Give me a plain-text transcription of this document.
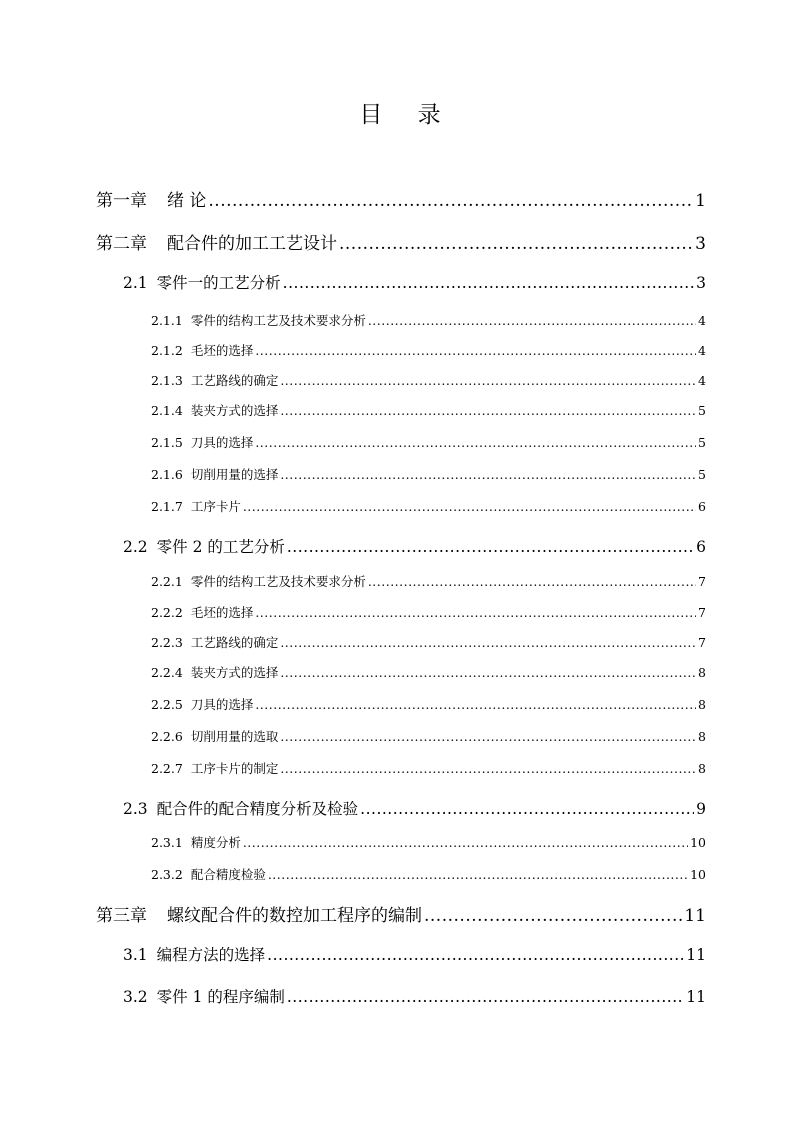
目 录
第一章 绪 论 .....	1
第二章 配合件的加工工艺设计 .....	3
2.1 零件一的工艺分析 .....	3
2.1.1 零件的结构工艺及技术要求分析 .....	4
2.1.2 毛坯的选择 .....	4
2.1.3 工艺路线的确定 .....	4
2.1.4 装夹方式的选择 .....	5
2.1.5 刀具的选择 .....	5
2.1.6 切削用量的选择 .....	5
2.1.7 工序卡片 .....	6
2.2 零件 2 的工艺分析 .....	6
2.2.1 零件的结构工艺及技术要求分析 .....	7
2.2.2 毛坯的选择 .....	7
2.2.3 工艺路线的确定 .....	7
2.2.4 装夹方式的选择 .....	8
2.2.5 刀具的选择 .....	8
2.2.6 切削用量的选取 .....	8
2.2.7 工序卡片的制定 .....	8
2.3 配合件的配合精度分析及检验 .....	9
2.3.1 精度分析 .....	10
2.3.2 配合精度检验 .....	10
第三章 螺纹配合件的数控加工程序的编制 .....	11
3.1 编程方法的选择 .....	11
3.2 零件 1 的程序编制 .....	11
